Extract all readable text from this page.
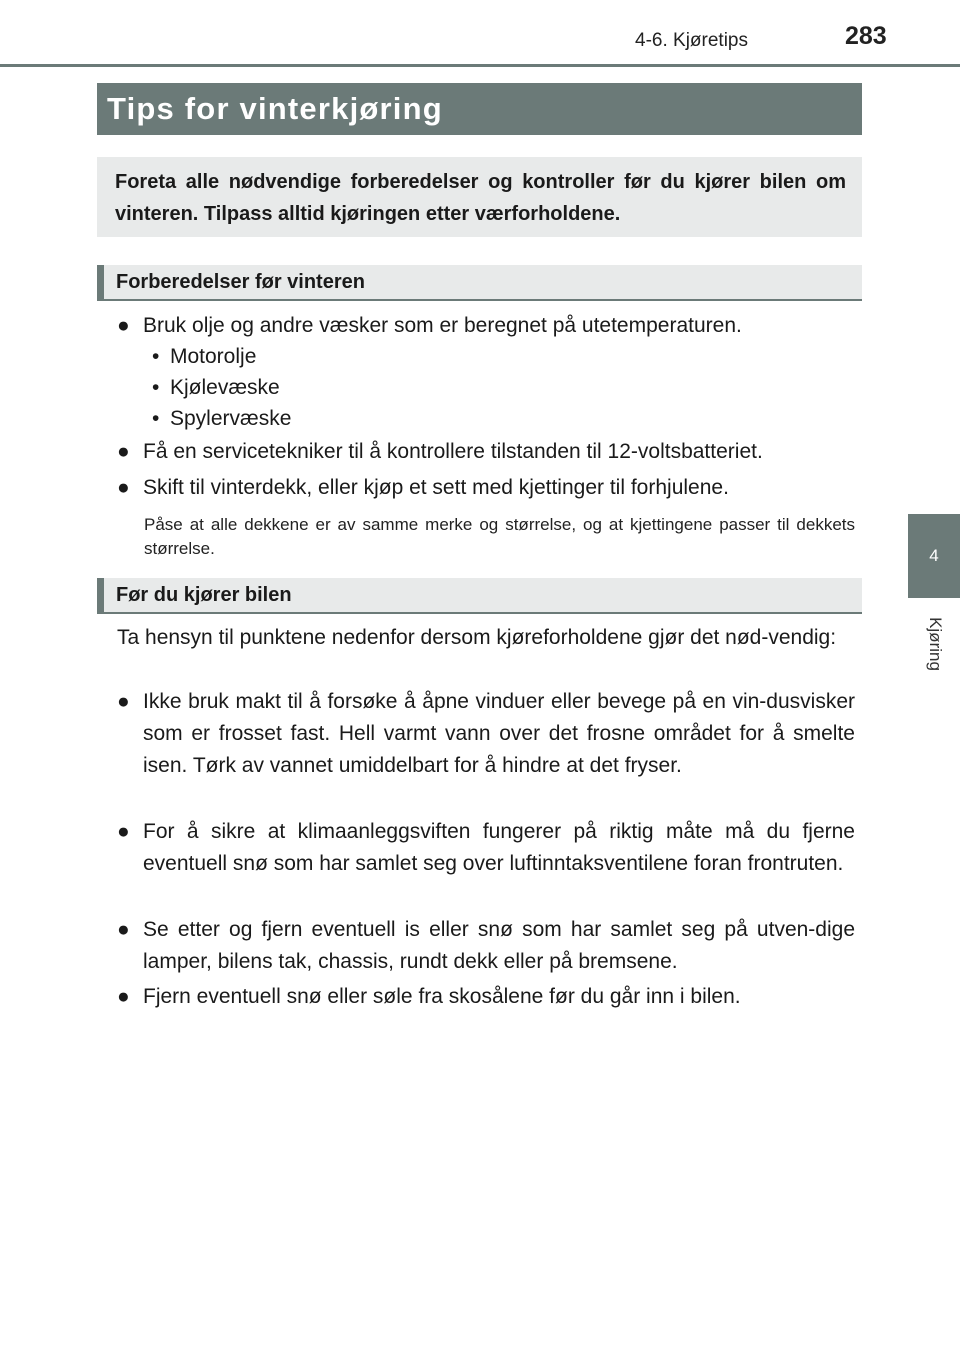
4-6. Kjøretips	283
4
Kjøring
Tips for vinterkjøring
Foreta alle nødvendige forberedelser og kontroller før du kjører bilen om vinteren. Tilpass alltid kjøringen etter værforholdene.
Forberedelser før vinteren
● Bruk olje og andre væsker som er beregnet på utetemperaturen.
• Motorolje
• Kjølevæske
• Spylervæske
● Få en servicetekniker til å kontrollere tilstanden til 12-voltsbatteriet.
● Skift til vinterdekk, eller kjøp et sett med kjettinger til forhjulene.
Påse at alle dekkene er av samme merke og størrelse, og at kjettingene passer til dekkets størrelse.
Før du kjører bilen
Ta hensyn til punktene nedenfor dersom kjøreforholdene gjør det nød-vendig:
● Ikke bruk makt til å forsøke å åpne vinduer eller bevege på en vin-dusvisker som er frosset fast. Hell varmt vann over det frosne området for å smelte isen. Tørk av vannet umiddelbart for å hindre at det fryser.
● For å sikre at klimaanleggsviften fungerer på riktig måte må du fjerne eventuell snø som har samlet seg over luftinntaksventilene foran frontruten.
● Se etter og fjern eventuell is eller snø som har samlet seg på utven-dige lamper, bilens tak, chassis, rundt dekk eller på bremsene.
● Fjern eventuell snø eller søle fra skosålene før du går inn i bilen.
